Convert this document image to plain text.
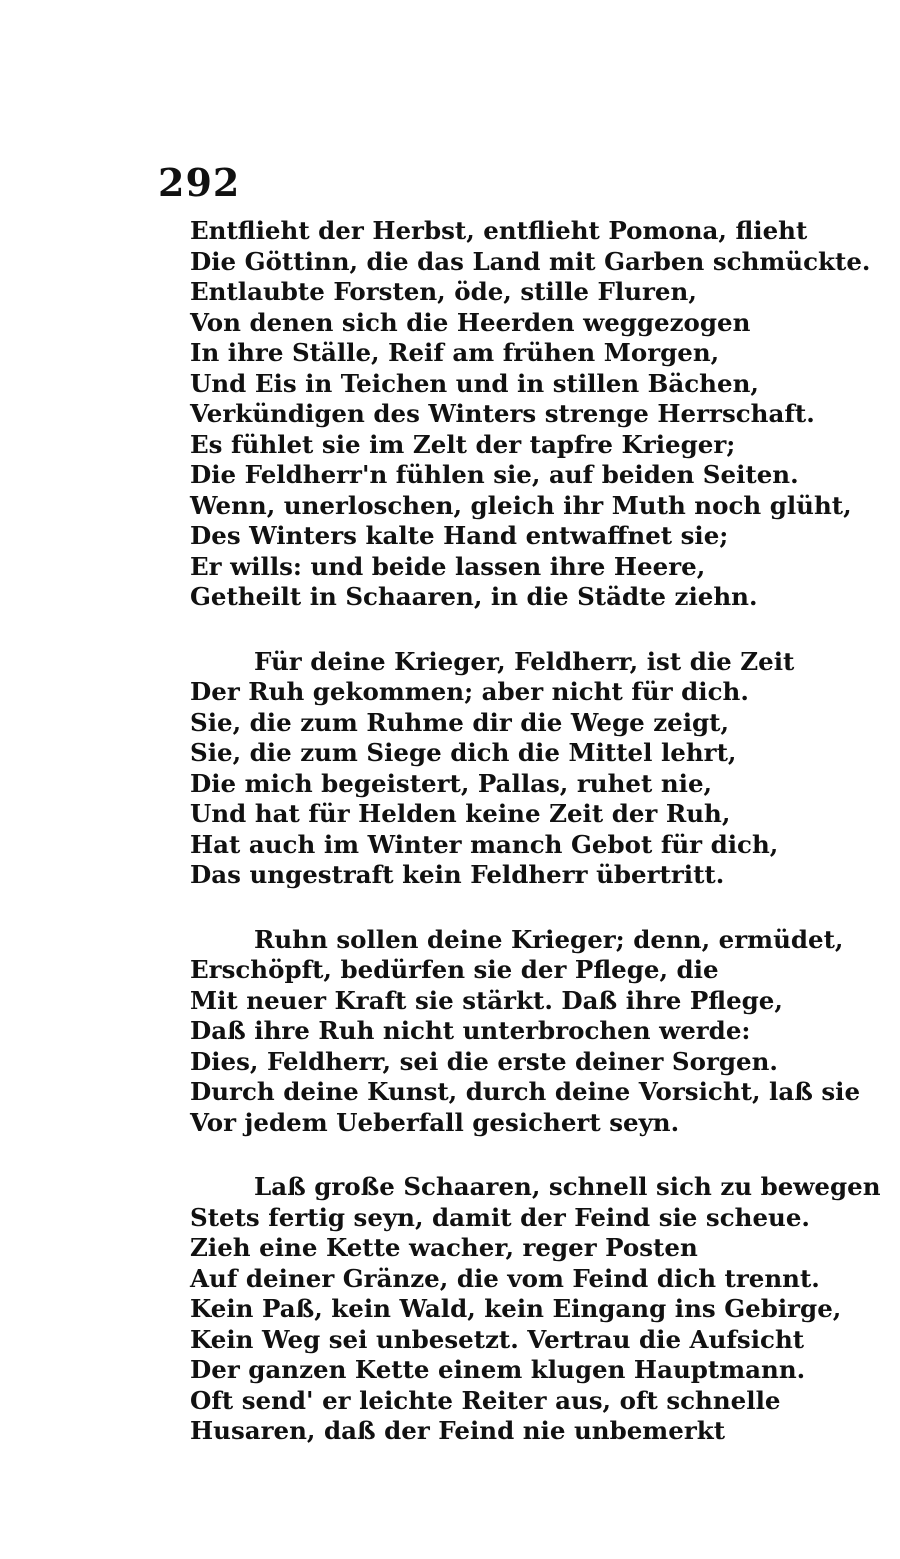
292
Entflieht der Herbst, entflieht Pomona, flieht
Die Göttinn, die das Land mit Garben schmückte.
Entlaubte Forsten, öde, stille Fluren,
Von denen sich die Heerden weggezogen
In ihre Ställe, Reif am frühen Morgen,
Und Eis in Teichen und in stillen Bächen,
Verkündigen des Winters strenge Herrschaft.
Es fühlet sie im Zelt der tapfre Krieger;
Die Feldherr'n fühlen sie, auf beiden Seiten.
Wenn, unerloschen, gleich ihr Muth noch glüht,
Des Winters kalte Hand entwaffnet sie;
Er wills: und beide lassen ihre Heere,
Getheilt in Schaaren, in die Städte ziehn.
Für deine Krieger, Feldherr, ist die Zeit
Der Ruh gekommen; aber nicht für dich.
Sie, die zum Ruhme dir die Wege zeigt,
Sie, die zum Siege dich die Mittel lehrt,
Die mich begeistert, Pallas, ruhet nie,
Und hat für Helden keine Zeit der Ruh,
Hat auch im Winter manch Gebot für dich,
Das ungestraft kein Feldherr übertritt.
Ruhn sollen deine Krieger; denn, ermüdet,
Erschöpft, bedürfen sie der Pflege, die
Mit neuer Kraft sie stärkt. Daß ihre Pflege,
Daß ihre Ruh nicht unterbrochen werde:
Dies, Feldherr, sei die erste deiner Sorgen.
Durch deine Kunst, durch deine Vorsicht, laß sie
Vor jedem Ueberfall gesichert seyn.
Laß große Schaaren, schnell sich zu bewegen
Stets fertig seyn, damit der Feind sie scheue.
Zieh eine Kette wacher, reger Posten
Auf deiner Gränze, die vom Feind dich trennt.
Kein Paß, kein Wald, kein Eingang ins Gebirge,
Kein Weg sei unbesetzt. Vertrau die Aufsicht
Der ganzen Kette einem klugen Hauptmann.
Oft send' er leichte Reiter aus, oft schnelle
Husaren, daß der Feind nie unbemerkt
